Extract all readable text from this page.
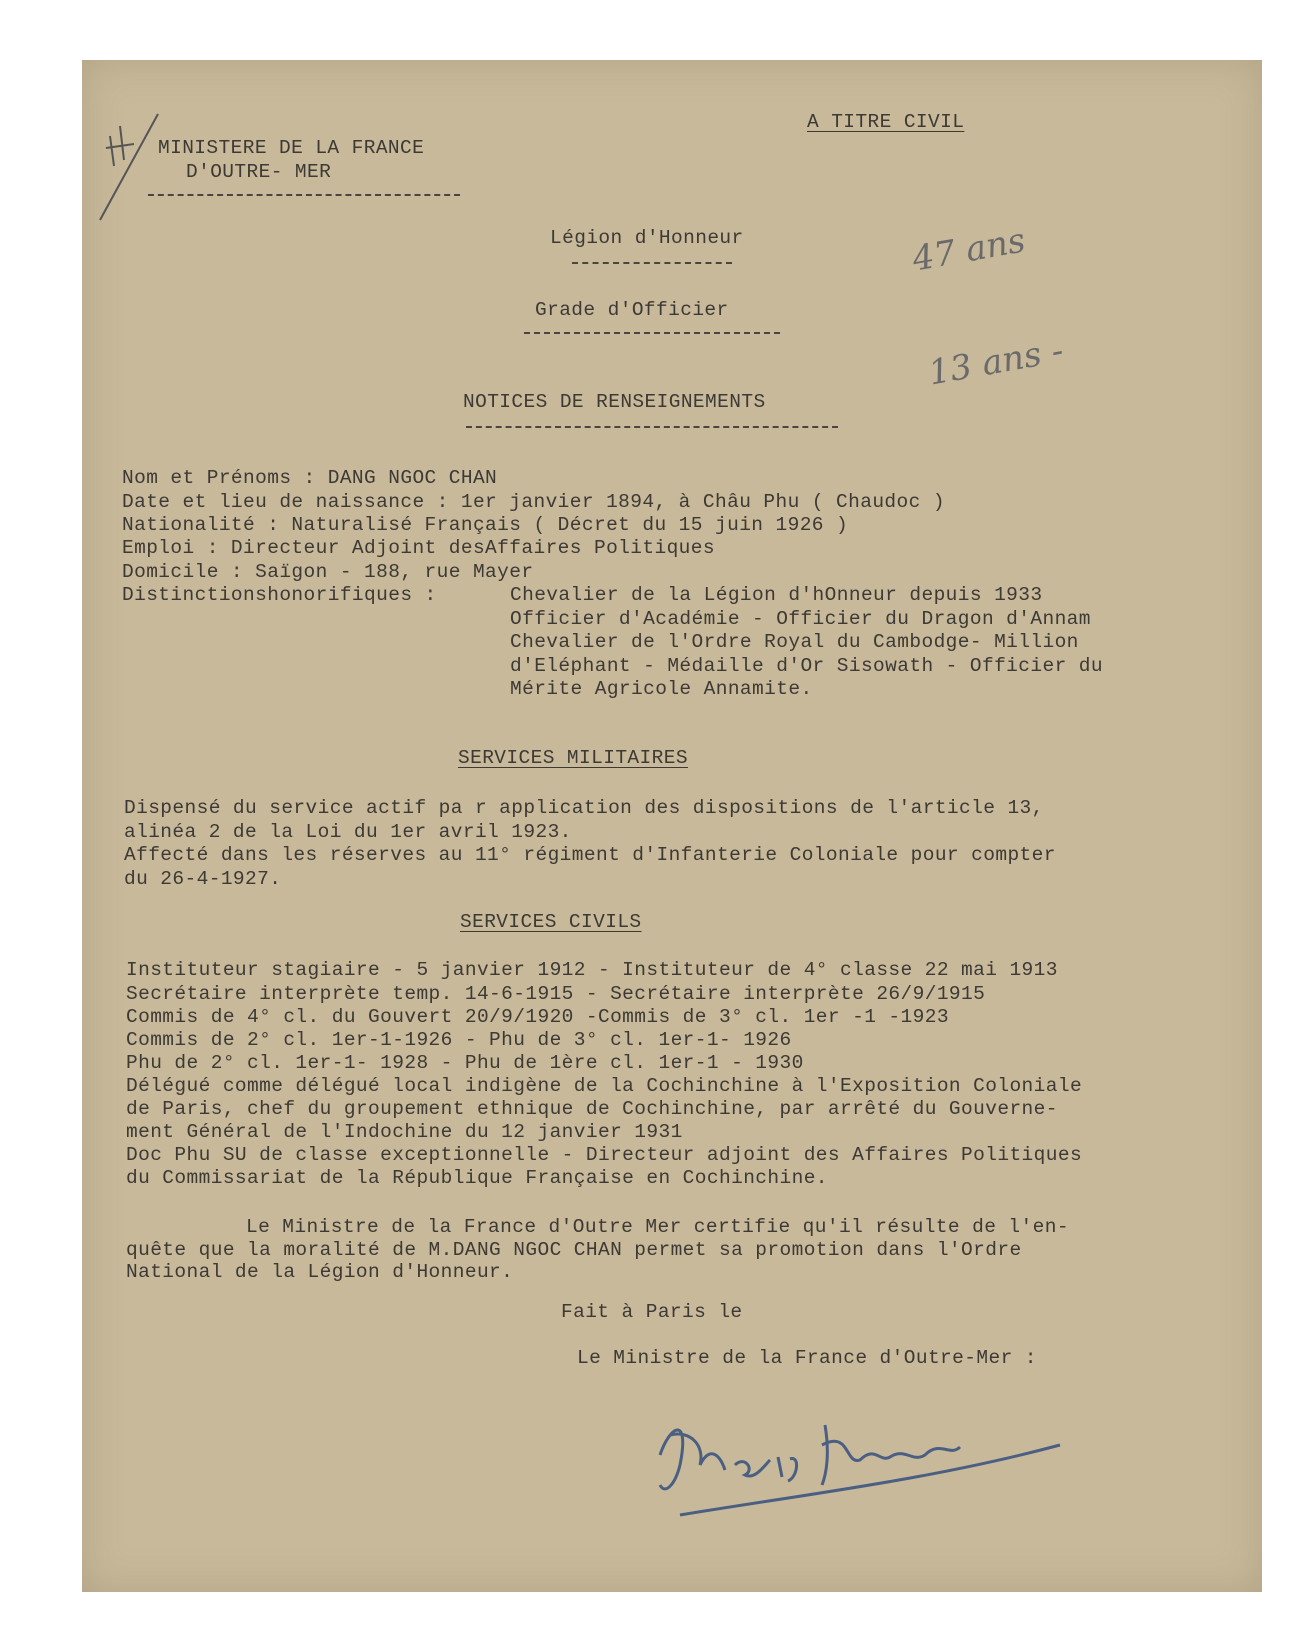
MINISTERE DE LA FRANCE
D'OUTRE- MER
A TITRE CIVIL
Légion d'Honneur
Grade d'Officier
47 ans
13 ans -
NOTICES DE RENSEIGNEMENTS
Nom et Prénoms : DANG NGOC CHAN
Date et lieu de naissance : 1er janvier 1894, à Châu Phu ( Chaudoc )
Nationalité : Naturalisé Français ( Décret du 15 juin 1926 )
Emploi : Directeur Adjoint desAffaires Politiques
Domicile : Saïgon - 188, rue Mayer
Distinctionshonorifiques :	Chevalier de la Légion d'hOnneur depuis 1933
Officier d'Académie - Officier du Dragon d'Annam
Chevalier de l'Ordre Royal du Cambodge- Million
d'Eléphant - Médaille d'Or Sisowath - Officier du
Mérite Agricole Annamite.
SERVICES MILITAIRES
Dispensé du service actif pa r application des dispositions de l'article 13,
alinéa 2 de la Loi du 1er avril 1923.
Affecté dans les réserves au 11° régiment d'Infanterie Coloniale pour compter
du 26-4-1927.
SERVICES CIVILS
Instituteur stagiaire - 5 janvier 1912 - Instituteur de 4° classe 22 mai 1913
Secrétaire interprète temp. 14-6-1915 - Secrétaire interprète 26/9/1915
Commis de 4° cl. du Gouvert 20/9/1920 -Commis de 3° cl. 1er -1 -1923
Commis de 2° cl. 1er-1-1926 - Phu de 3° cl. 1er-1- 1926
Phu de 2° cl. 1er-1- 1928 - Phu de 1ère cl. 1er-1 - 1930
Délégué comme délégué local indigène de la Cochinchine à l'Exposition Coloniale
de Paris, chef du groupement ethnique de Cochinchine, par arrêté du Gouverne-
ment Général de l'Indochine du 12 janvier 1931
Doc Phu SU de classe exceptionnelle - Directeur adjoint des Affaires Politiques
du Commissariat de la République Française en Cochinchine.
Le Ministre de la France d'Outre Mer certifie qu'il résulte de l'en-
quête que la moralité de M.DANG NGOC CHAN permet sa promotion dans l'Ordre
National de la Légion d'Honneur.
Fait à Paris le
Le Ministre de la France d'Outre-Mer :
